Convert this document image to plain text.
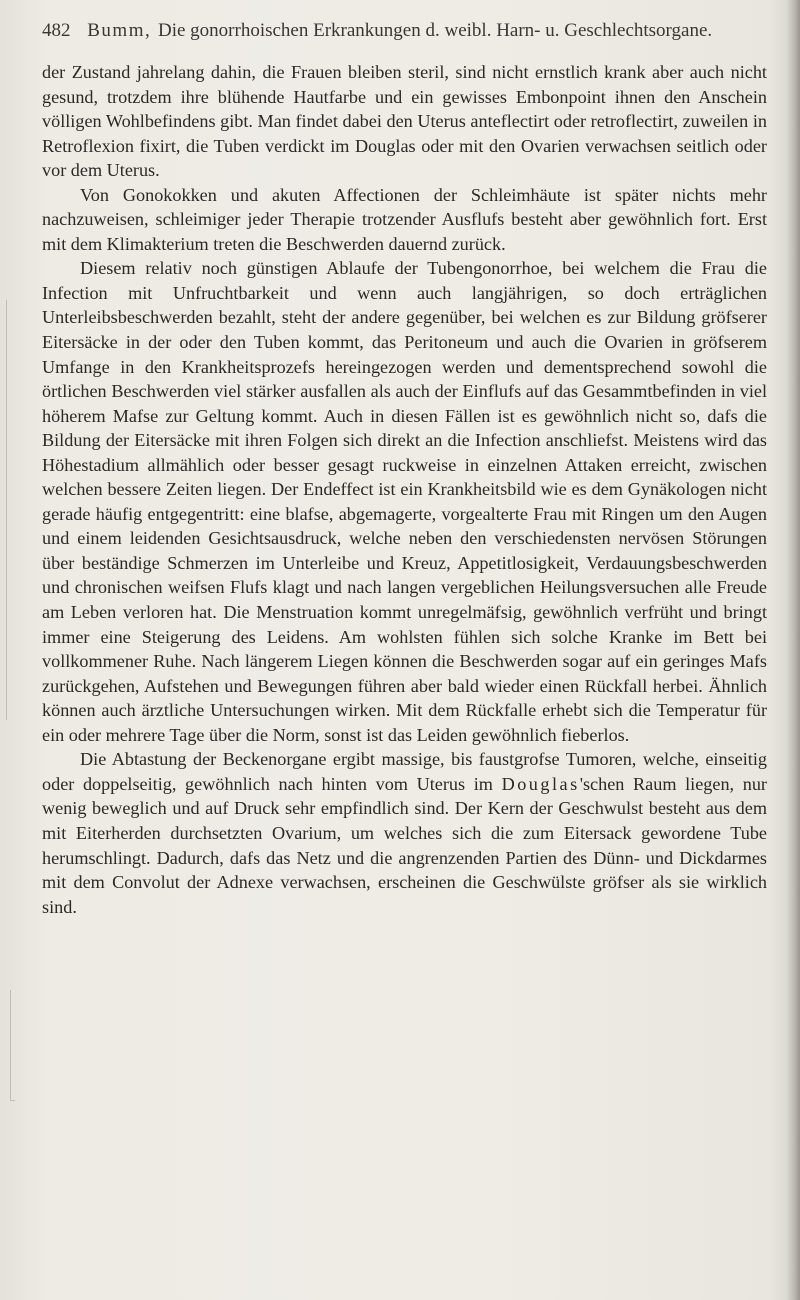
482 Bumm, Die gonorrhoischen Erkrankungen d. weibl. Harn- u. Geschlechtsorgane.

der Zustand jahrelang dahin, die Frauen bleiben steril, sind nicht ernstlich krank aber auch nicht gesund, trotzdem ihre blühende Hautfarbe und ein gewisses Embonpoint ihnen den Anschein völligen Wohlbefindens gibt. Man findet dabei den Uterus anteflectirt oder retroflectirt, zuweilen in Retroflexion fixirt, die Tuben verdickt im Douglas oder mit den Ovarien verwachsen seitlich oder vor dem Uterus.

Von Gonokokken und akuten Affectionen der Schleimhäute ist später nichts mehr nachzuweisen, schleimiger jeder Therapie trotzender Ausflufs besteht aber gewöhnlich fort. Erst mit dem Klimakterium treten die Beschwerden dauernd zurück.

Diesem relativ noch günstigen Ablaufe der Tubengonorrhoe, bei welchem die Frau die Infection mit Unfruchtbarkeit und wenn auch langjährigen, so doch erträglichen Unterleibsbeschwerden bezahlt, steht der andere gegenüber, bei welchen es zur Bildung gröfserer Eitersäcke in der oder den Tuben kommt, das Peritoneum und auch die Ovarien in gröfserem Umfange in den Krankheitsprozefs hereingezogen werden und dementsprechend sowohl die örtlichen Beschwerden viel stärker ausfallen als auch der Einflufs auf das Gesammtbefinden in viel höherem Mafse zur Geltung kommt. Auch in diesen Fällen ist es gewöhnlich nicht so, dafs die Bildung der Eitersäcke mit ihren Folgen sich direkt an die Infection anschliefst. Meistens wird das Höhestadium allmählich oder besser gesagt ruckweise in einzelnen Attaken erreicht, zwischen welchen bessere Zeiten liegen. Der Endeffect ist ein Krankheitsbild wie es dem Gynäkologen nicht gerade häufig entgegentritt: eine blafse, abgemagerte, vorgealterte Frau mit Ringen um den Augen und einem leidenden Gesichtsausdruck, welche neben den verschiedensten nervösen Störungen über beständige Schmerzen im Unterleibe und Kreuz, Appetitlosigkeit, Verdauungsbeschwerden und chronischen weifsen Flufs klagt und nach langen vergeblichen Heilungsversuchen alle Freude am Leben verloren hat. Die Menstruation kommt unregelmäfsig, gewöhnlich verfrüht und bringt immer eine Steigerung des Leidens. Am wohlsten fühlen sich solche Kranke im Bett bei vollkommener Ruhe. Nach längerem Liegen können die Beschwerden sogar auf ein geringes Mafs zurückgehen, Aufstehen und Bewegungen führen aber bald wieder einen Rückfall herbei. Ähnlich können auch ärztliche Untersuchungen wirken. Mit dem Rückfalle erhebt sich die Temperatur für ein oder mehrere Tage über die Norm, sonst ist das Leiden gewöhnlich fieberlos.

Die Abtastung der Beckenorgane ergibt massige, bis faustgrofse Tumoren, welche, einseitig oder doppelseitig, gewöhnlich nach hinten vom Uterus im Douglas'schen Raum liegen, nur wenig beweglich und auf Druck sehr empfindlich sind. Der Kern der Geschwulst besteht aus dem mit Eiterherden durchsetzten Ovarium, um welches sich die zum Eitersack gewordene Tube herumschlingt. Dadurch, dafs das Netz und die angrenzenden Partien des Dünn- und Dickdarmes mit dem Convolut der Adnexe verwachsen, erscheinen die Geschwülste gröfser als sie wirklich sind.
